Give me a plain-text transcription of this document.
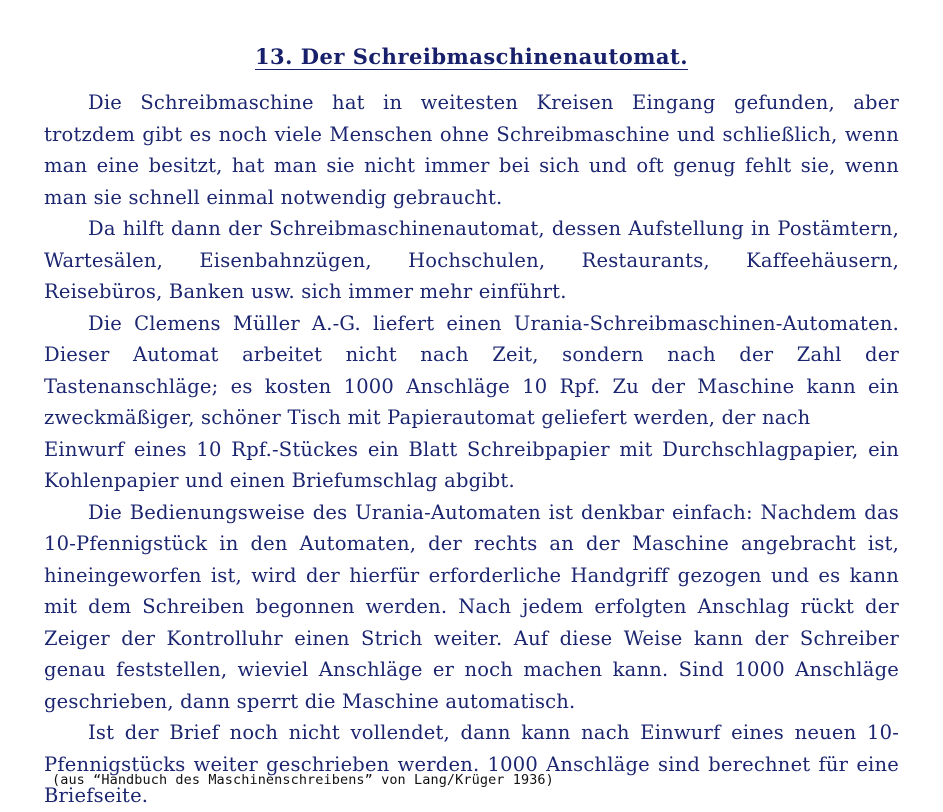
13. Der Schreibmaschinenautomat.

Die Schreibmaschine hat in weitesten Kreisen Eingang gefunden, aber trotzdem gibt es noch viele Menschen ohne Schreibmaschine und schließlich, wenn man eine besitzt, hat man sie nicht immer bei sich und oft genug fehlt sie, wenn man sie schnell einmal notwendig gebraucht.

Da hilft dann der Schreibmaschinenautomat, dessen Aufstellung in Postämtern, Wartesälen, Eisenbahnzügen, Hochschulen, Restaurants, Kaffeehäusern, Reisebüros, Banken usw. sich immer mehr einführt.

Die Clemens Müller A.-G. liefert einen Urania-Schreibmaschinen-Automaten. Dieser Automat arbeitet nicht nach Zeit, sondern nach der Zahl der Tastenanschläge; es kosten 1000 Anschläge 10 Rpf. Zu der Maschine kann ein zweckmäßiger, schöner Tisch mit Papierautomat geliefert werden, der nach

Einwurf eines 10 Rpf.-Stückes ein Blatt Schreibpapier mit Durchschlagpapier, ein Kohlenpapier und einen Briefumschlag abgibt.

Die Bedienungsweise des Urania-Automaten ist denkbar einfach: Nachdem das 10-Pfennigstück in den Automaten, der rechts an der Maschine angebracht ist, hineingeworfen ist, wird der hierfür erforderliche Handgriff gezogen und es kann mit dem Schreiben begonnen werden. Nach jedem erfolgten Anschlag rückt der Zeiger der Kontrolluhr einen Strich weiter. Auf diese Weise kann der Schreiber genau feststellen, wieviel Anschläge er noch machen kann. Sind 1000 Anschläge geschrieben, dann sperrt die Maschine automatisch.

Ist der Brief noch nicht vollendet, dann kann nach Einwurf eines neuen 10-Pfennigstücks weiter geschrieben werden. 1000 Anschläge sind berechnet für eine Briefseite.

(aus “Handbuch des Maschinenschreibens” von Lang/Krüger 1936)
